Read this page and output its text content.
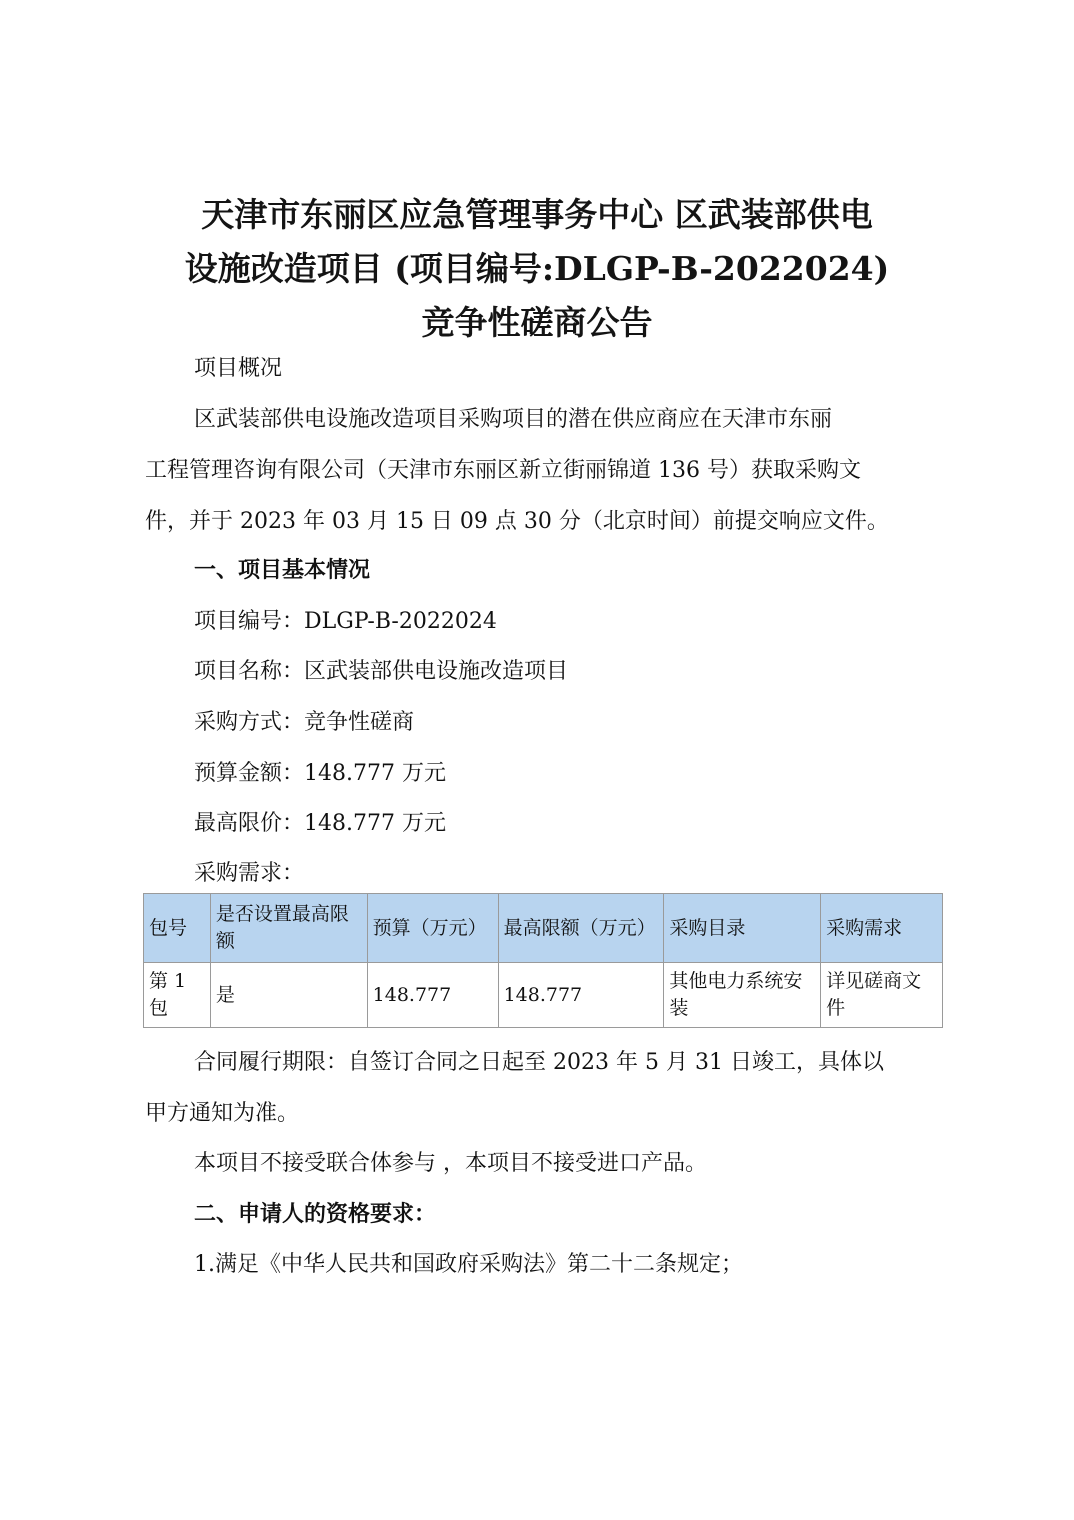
天津市东丽区应急管理事务中心 区武装部供电
设施改造项目 (项目编号:DLGP-B-2022024)
竞争性磋商公告
项目概况
区武装部供电设施改造项目采购项目的潜在供应商应在天津市东丽
工程管理咨询有限公司（天津市东丽区新立街丽锦道 136 号）获取采购文
件，并于 2023 年 03 月 15 日 09 点 30 分（北京时间）前提交响应文件。
一、项目基本情况
项目编号：DLGP-B-2022024
项目名称：区武装部供电设施改造项目
采购方式：竞争性磋商
预算金额：148.777 万元
最高限价：148.777 万元
采购需求：
包号	是否设置最高限额	预算（万元）	最高限额（万元）	采购目录	采购需求
第 1 包	是	148.777	148.777	其他电力系统安装	详见磋商文件
合同履行期限：自签订合同之日起至 2023 年 5 月 31 日竣工，具体以
甲方通知为准。
本项目不接受联合体参与 ，本项目不接受进口产品。
二、申请人的资格要求：
1.满足《中华人民共和国政府采购法》第二十二条规定；
